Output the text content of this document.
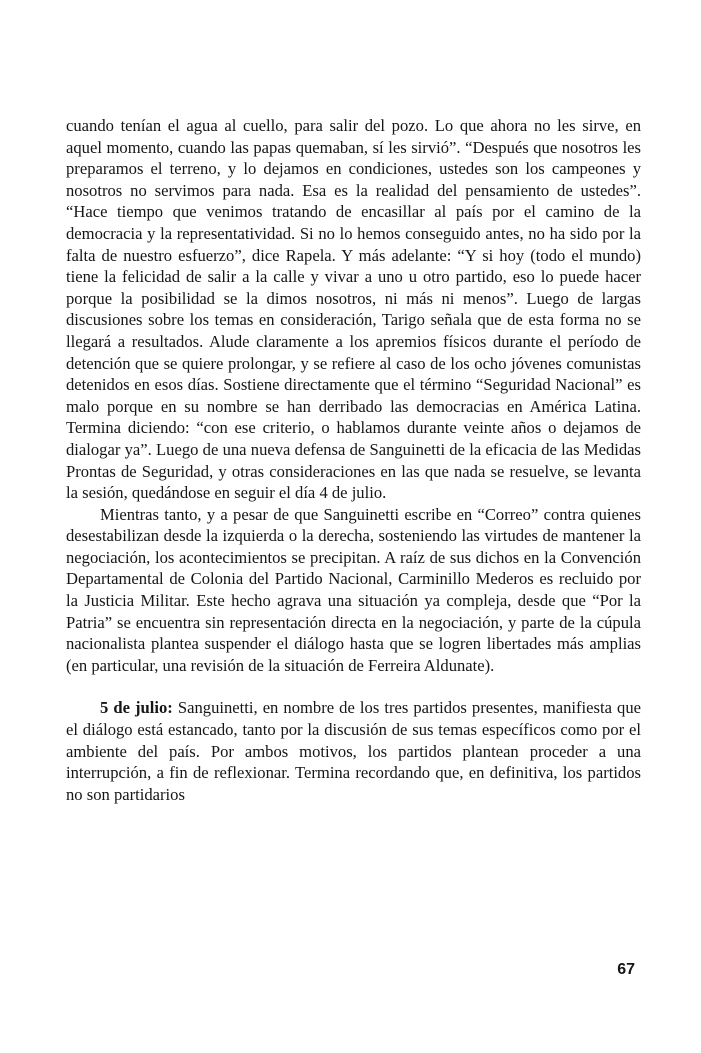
cuando tenían el agua al cuello, para salir del pozo. Lo que ahora no les sirve, en aquel momento, cuando las papas quemaban, sí les sirvió”. “Después que nosotros les preparamos el terreno, y lo dejamos en condiciones, ustedes son los campeones y nosotros no servimos para nada. Esa es la realidad del pensamiento de ustedes”. “Hace tiempo que venimos tratando de encasillar al país por el camino de la democracia y la representatividad. Si no lo hemos conseguido antes, no ha sido por la falta de nuestro esfuerzo”, dice Rapela. Y más adelante: “Y si hoy (todo el mundo) tiene la felicidad de salir a la calle y vivar a uno u otro partido, eso lo puede hacer porque la posibilidad se la dimos nosotros, ni más ni menos”. Luego de largas discusiones sobre los temas en consideración, Tarigo señala que de esta forma no se llegará a resultados. Alude claramente a los apremios físicos durante el período de detención que se quiere prolongar, y se refiere al caso de los ocho jóvenes comunistas detenidos en esos días. Sostiene directamente que el término “Seguridad Nacional” es malo porque en su nombre se han derribado las democracias en América Latina. Termina diciendo: “con ese criterio, o hablamos durante veinte años o dejamos de dialogar ya”. Luego de una nueva defensa de Sanguinetti de la eficacia de las Medidas Prontas de Seguridad, y otras consideraciones en las que nada se resuelve, se levanta la sesión, quedándose en seguir el día 4 de julio.

Mientras tanto, y a pesar de que Sanguinetti escribe en “Correo” contra quienes desestabilizan desde la izquierda o la derecha, sosteniendo las virtudes de mantener la negociación, los acontecimientos se precipitan. A raíz de sus dichos en la Convención Departamental de Colonia del Partido Nacional, Carminillo Mederos es recluido por la Justicia Militar. Este hecho agrava una situación ya compleja, desde que “Por la Patria” se encuentra sin representación directa en la negociación, y parte de la cúpula nacionalista plantea suspender el diálogo hasta que se logren libertades más amplias (en particular, una revisión de la situación de Ferreira Aldunate).

5 de julio: Sanguinetti, en nombre de los tres partidos presentes, manifiesta que el diálogo está estancado, tanto por la discusión de sus temas específicos como por el ambiente del país. Por ambos motivos, los partidos plantean proceder a una interrupción, a fin de reflexionar. Termina recordando que, en definitiva, los partidos no son partidarios

67
